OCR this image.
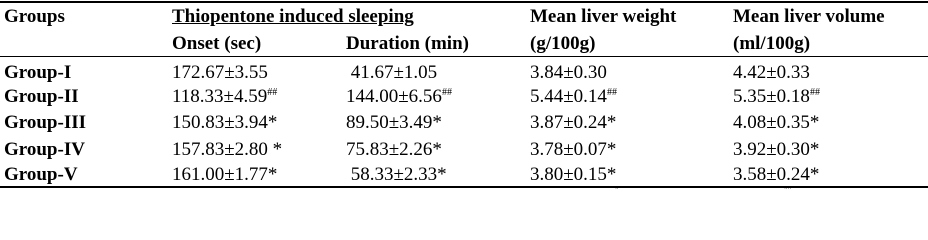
Groups	Thiopentone induced sleeping	Mean liver weight	Mean liver volume
Onset (sec)	Duration (min)	(g/100g)	(ml/100g)
Group-I	172.67±3.55	41.67±1.05	3.84±0.30	4.42±0.33
Group-II	118.33±4.59##	144.00±6.56##	5.44±0.14##	5.35±0.18##
Group-III	150.83±3.94*	89.50±3.49*	3.87±0.24*	4.08±0.35*
Group-IV	157.83±2.80 *	75.83±2.26*	3.78±0.07*	3.92±0.30*
Group-V	161.00±1.77*	58.33±2.33*	3.80±0.15*	3.58±0.24*
"	""
